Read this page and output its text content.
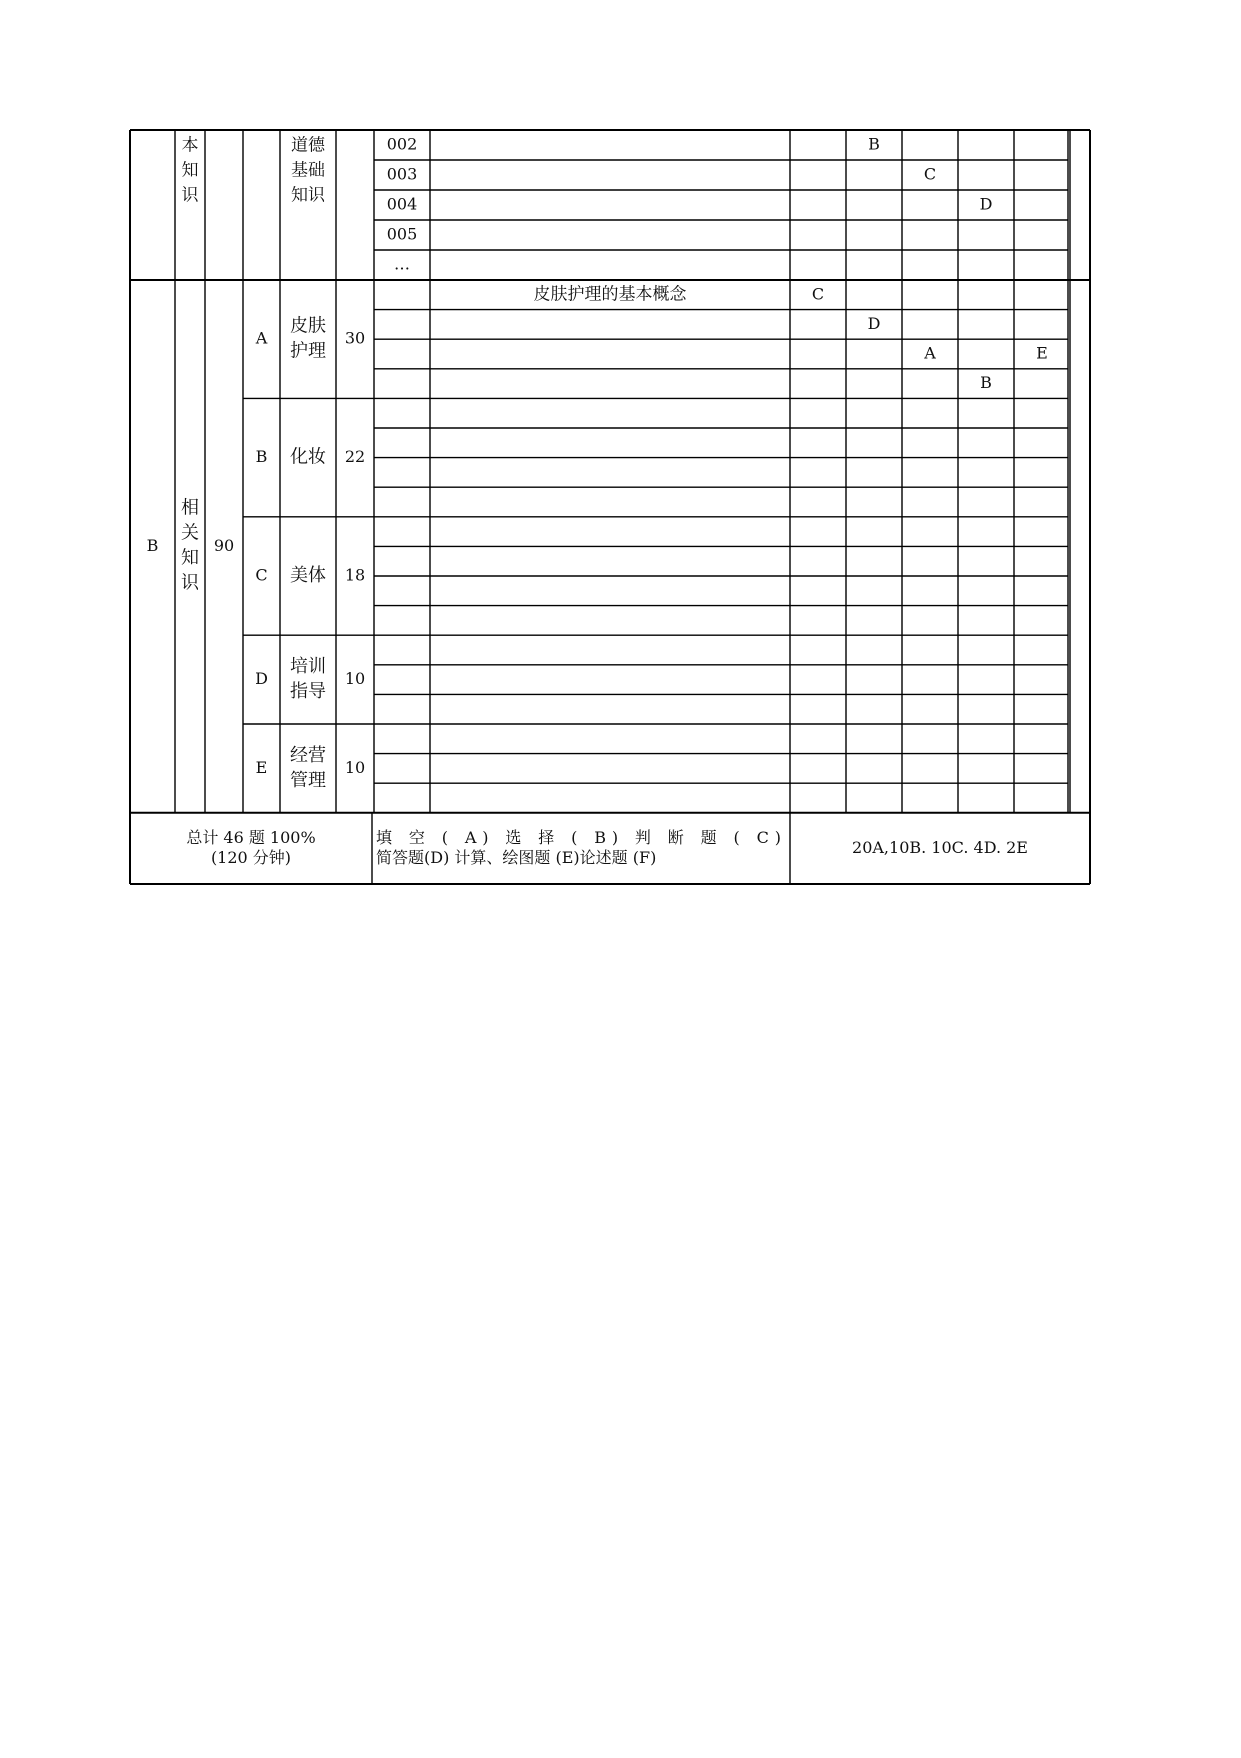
本
知
识
道德
基础
知识
002
003
004
005
…
B
C
D
A
皮肤
护理
30
B 化妆 22
C 美体 18
D
培训
指导
10
E
经营
管理
10
B
相
关
知
识
90
皮肤护理的基本概念	C
D
A	E
B
总计 46 题 100%
(120 分钟)
填 空 ( A) 选 择 ( B) 判 断 题 ( C)
简答题(D) 计算、绘图题 (E)论述题 (F)
20A,10B. 10C. 4D. 2E
